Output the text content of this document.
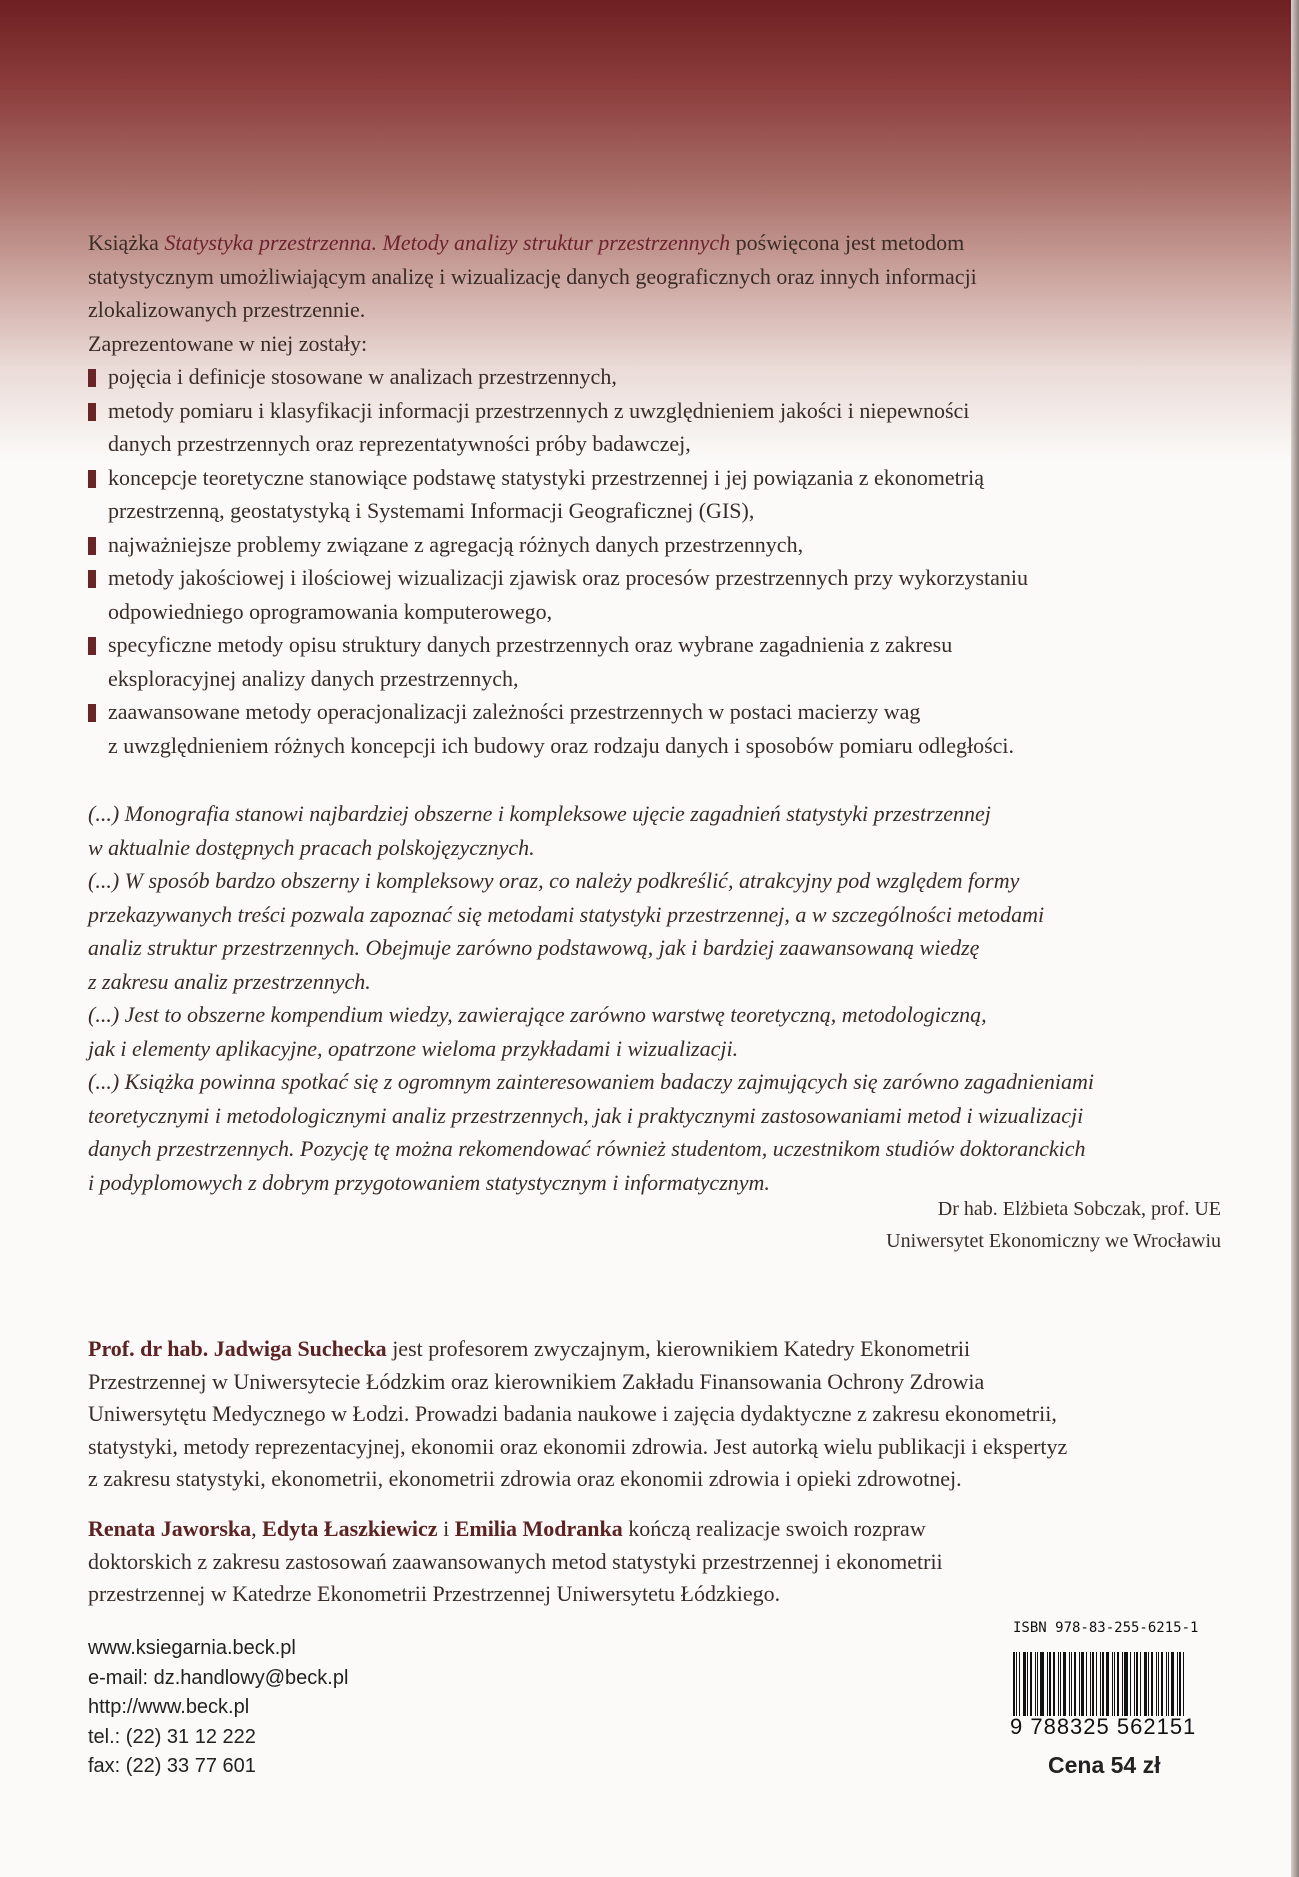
Książka Statystyka przestrzenna. Metody analizy struktur przestrzennych poświęcona jest metodom
statystycznym umożliwiającym analizę i wizualizację danych geograficznych oraz innych informacji
zlokalizowanych przestrzennie.
Zaprezentowane w niej zostały:
pojęcia i definicje stosowane w analizach przestrzennych,
metody pomiaru i klasyfikacji informacji przestrzennych z uwzględnieniem jakości i niepewności
danych przestrzennych oraz reprezentatywności próby badawczej,
koncepcje teoretyczne stanowiące podstawę statystyki przestrzennej i jej powiązania z ekonometrią
przestrzenną, geostatystyką i Systemami Informacji Geograficznej (GIS),
najważniejsze problemy związane z agregacją różnych danych przestrzennych,
metody jakościowej i ilościowej wizualizacji zjawisk oraz procesów przestrzennych przy wykorzystaniu
odpowiedniego oprogramowania komputerowego,
specyficzne metody opisu struktury danych przestrzennych oraz wybrane zagadnienia z zakresu
eksploracyjnej analizy danych przestrzennych,
zaawansowane metody operacjonalizacji zależności przestrzennych w postaci macierzy wag
z uwzględnieniem różnych koncepcji ich budowy oraz rodzaju danych i sposobów pomiaru odległości.
(...) Monografia stanowi najbardziej obszerne i kompleksowe ujęcie zagadnień statystyki przestrzennej
w aktualnie dostępnych pracach polskojęzycznych.
(...) W sposób bardzo obszerny i kompleksowy oraz, co należy podkreślić, atrakcyjny pod względem formy
przekazywanych treści pozwala zapoznać się metodami statystyki przestrzennej, a w szczególności metodami
analiz struktur przestrzennych. Obejmuje zarówno podstawową, jak i bardziej zaawansowaną wiedzę
z zakresu analiz przestrzennych.
(...) Jest to obszerne kompendium wiedzy, zawierające zarówno warstwę teoretyczną, metodologiczną,
jak i elementy aplikacyjne, opatrzone wieloma przykładami i wizualizacji.
(...) Książka powinna spotkać się z ogromnym zainteresowaniem badaczy zajmujących się zarówno zagadnieniami
teoretycznymi i metodologicznymi analiz przestrzennych, jak i praktycznymi zastosowaniami metod i wizualizacji
danych przestrzennych. Pozycję tę można rekomendować również studentom, uczestnikom studiów doktoranckich
i podyplomowych z dobrym przygotowaniem statystycznym i informatycznym.
Dr hab. Elżbieta Sobczak, prof. UE
Uniwersytet Ekonomiczny we Wrocławiu
Prof. dr hab. Jadwiga Suchecka jest profesorem zwyczajnym, kierownikiem Katedry Ekonometrii
Przestrzennej w Uniwersytecie Łódzkim oraz kierownikiem Zakładu Finansowania Ochrony Zdrowia
Uniwersytętu Medycznego w Łodzi. Prowadzi badania naukowe i zajęcia dydaktyczne z zakresu ekonometrii,
statystyki, metody reprezentacyjnej, ekonomii oraz ekonomii zdrowia. Jest autorką wielu publikacji i ekspertyz
z zakresu statystyki, ekonometrii, ekonometrii zdrowia oraz ekonomii zdrowia i opieki zdrowotnej.
Renata Jaworska, Edyta Łaszkiewicz i Emilia Modranka kończą realizacje swoich rozpraw
doktorskich z zakresu zastosowań zaawansowanych metod statystyki przestrzennej i ekonometrii
przestrzennej w Katedrze Ekonometrii Przestrzennej Uniwersytetu Łódzkiego.
www.ksiegarnia.beck.pl
e-mail: dz.handlowy@beck.pl
http://www.beck.pl
tel.: (22) 31 12 222
fax: (22) 33 77 601
ISBN 978-83-255-6215-1
9 788325 562151
Cena 54 zł
